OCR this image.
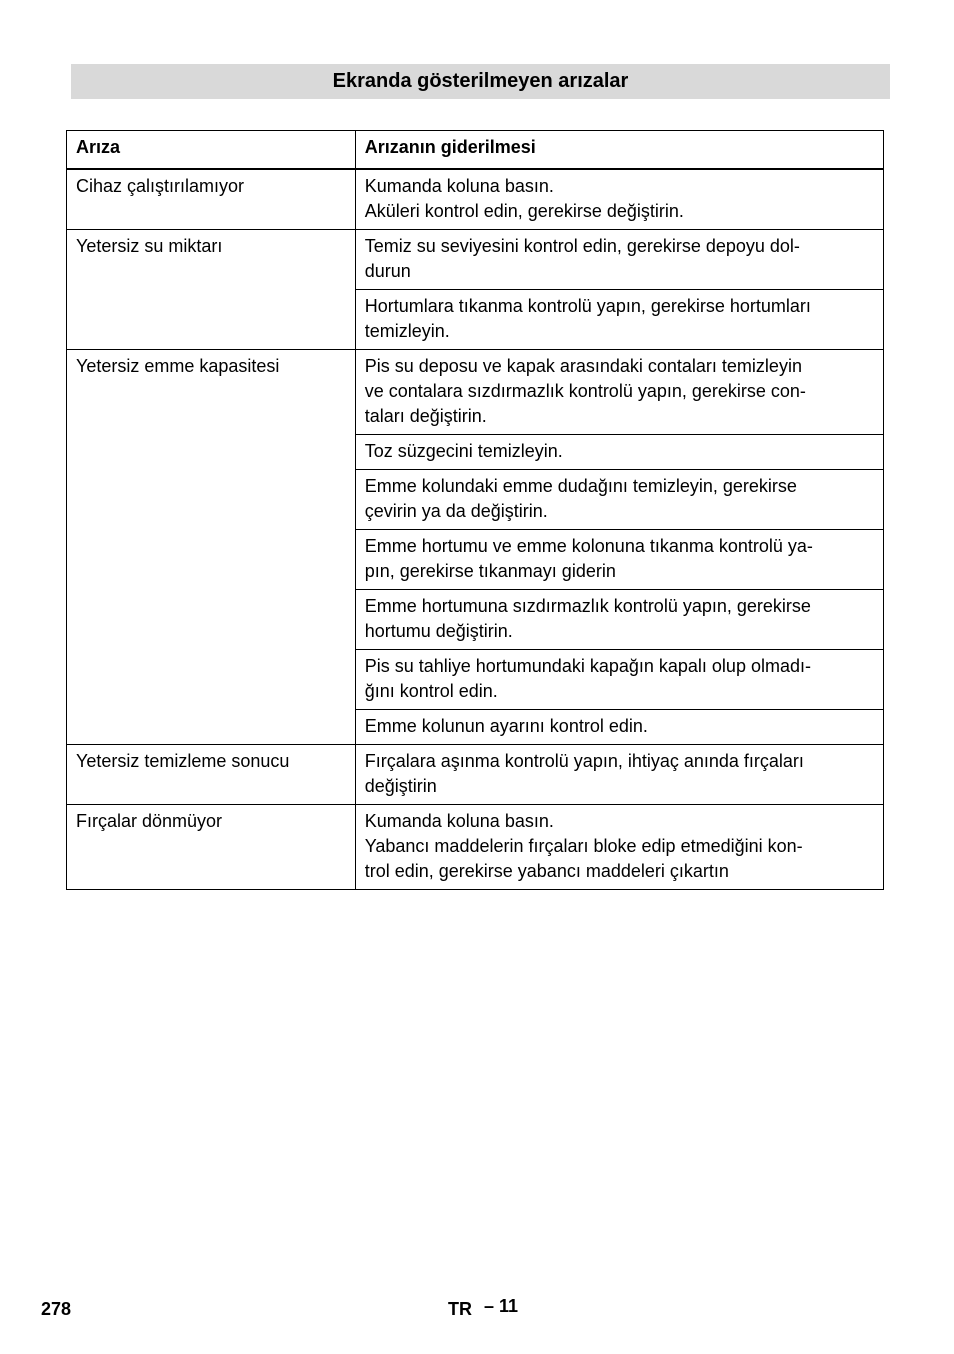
Ekranda gösterilmeyen arızalar
Arıza	Arızanın giderilmesi
Cihaz çalıştırılamıyor	Kumanda koluna basın.
Aküleri kontrol edin, gerekirse değiştirin.

Yetersiz su miktarı	Temiz su seviyesini kontrol edin, gerekirse depoyu dol-
durun

	Hortumlara tıkanma kontrolü yapın, gerekirse hortumları
temizleyin.

Yetersiz emme kapasitesi	Pis su deposu ve kapak arasındaki contaları temizleyin
ve contalara sızdırmazlık kontrolü yapın, gerekirse con-
taları değiştirin.

	Toz süzgecini temizleyin.

	Emme kolundaki emme dudağını temizleyin, gerekirse
çevirin ya da değiştirin.

	Emme hortumu ve emme kolonuna tıkanma kontrolü ya-
pın, gerekirse tıkanmayı giderin

	Emme hortumuna sızdırmazlık kontrolü yapın, gerekirse
hortumu değiştirin.

	Pis su tahliye hortumundaki kapağın kapalı olup olmadı-
ğını kontrol edin.

	Emme kolunun ayarını kontrol edin.

Yetersiz temizleme sonucu	Fırçalara aşınma kontrolü yapın, ihtiyaç anında fırçaları
değiştirin

Fırçalar dönmüyor	Kumanda koluna basın.
Yabancı maddelerin fırçaları bloke edip etmediğini kon-
trol edin, gerekirse yabancı maddeleri çıkartın
278	TR – 11
